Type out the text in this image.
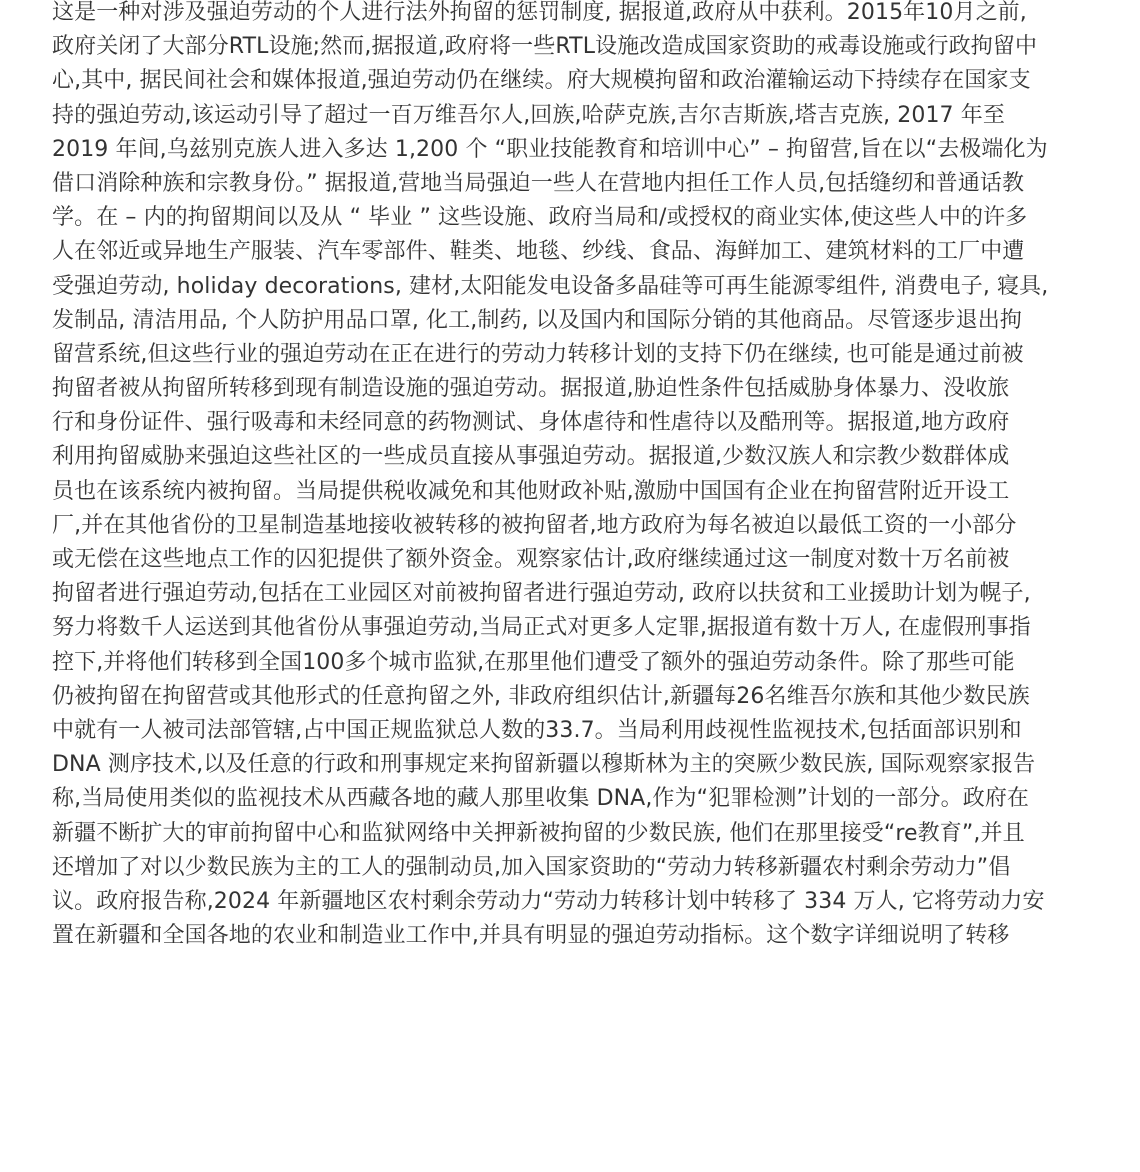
这是一种对涉及强迫劳动的个人进行法外拘留的惩罚制度, 据报道,政府从中获利。2015年10月之前,
政府关闭了大部分RTL设施;然而,据报道,政府将一些RTL设施改造成国家资助的戒毒设施或行政拘留中
心,其中, 据民间社会和媒体报道,强迫劳动仍在继续。府大规模拘留和政治灌输运动下持续存在国家支
持的强迫劳动,该运动引导了超过一百万维吾尔人,回族,哈萨克族,吉尔吉斯族,塔吉克族, 2017 年至
2019 年间,乌兹别克族人进入多达 1,200 个 “职业技能教育和培训中心” – 拘留营,旨在以“去极端化为
借口消除种族和宗教身份。” 据报道,营地当局强迫一些人在营地内担任工作人员,包括缝纫和普通话教
学。在 – 内的拘留期间以及从 “ 毕业 ” 这些设施、政府当局和/或授权的商业实体,使这些人中的许多
人在邻近或异地生产服装、汽车零部件、鞋类、地毯、纱线、食品、海鲜加工、建筑材料的工厂中遭
受强迫劳动, holiday decorations, 建材,太阳能发电设备多晶硅等可再生能源零组件, 消费电子, 寝具,
发制品, 清洁用品, 个人防护用品口罩, 化工,制药, 以及国内和国际分销的其他商品。尽管逐步退出拘
留营系统,但这些行业的强迫劳动在正在进行的劳动力转移计划的支持下仍在继续, 也可能是通过前被
拘留者被从拘留所转移到现有制造设施的强迫劳动。据报道,胁迫性条件包括威胁身体暴力、没收旅
行和身份证件、强行吸毒和未经同意的药物测试、身体虐待和性虐待以及酷刑等。据报道,地方政府
利用拘留威胁来强迫这些社区的一些成员直接从事强迫劳动。据报道,少数汉族人和宗教少数群体成
员也在该系统内被拘留。当局提供税收减免和其他财政补贴,激励中国国有企业在拘留营附近开设工
厂,并在其他省份的卫星制造基地接收被转移的被拘留者,地方政府为每名被迫以最低工资的一小部分
或无偿在这些地点工作的囚犯提供了额外资金。观察家估计,政府继续通过这一制度对数十万名前被
拘留者进行强迫劳动,包括在工业园区对前被拘留者进行强迫劳动, 政府以扶贫和工业援助计划为幌子,
努力将数千人运送到其他省份从事强迫劳动,当局正式对更多人定罪,据报道有数十万人, 在虚假刑事指
控下,并将他们转移到全国100多个城市监狱,在那里他们遭受了额外的强迫劳动条件。除了那些可能
仍被拘留在拘留营或其他形式的任意拘留之外, 非政府组织估计,新疆每26名维吾尔族和其他少数民族
中就有一人被司法部管辖,占中国正规监狱总人数的33.7。当局利用歧视性监视技术,包括面部识别和
DNA 测序技术,以及任意的行政和刑事规定来拘留新疆以穆斯林为主的突厥少数民族, 国际观察家报告
称,当局使用类似的监视技术从西藏各地的藏人那里收集 DNA,作为“犯罪检测”计划的一部分。政府在
新疆不断扩大的审前拘留中心和监狱网络中关押新被拘留的少数民族, 他们在那里接受“re教育”,并且
还增加了对以少数民族为主的工人的强制动员,加入国家资助的“劳动力转移新疆农村剩余劳动力”倡
议。政府报告称,2024 年新疆地区农村剩余劳动力“劳动力转移计划中转移了 334 万人, 它将劳动力安
置在新疆和全国各地的农业和制造业工作中,并具有明显的强迫劳动指标。这个数字详细说明了转移
